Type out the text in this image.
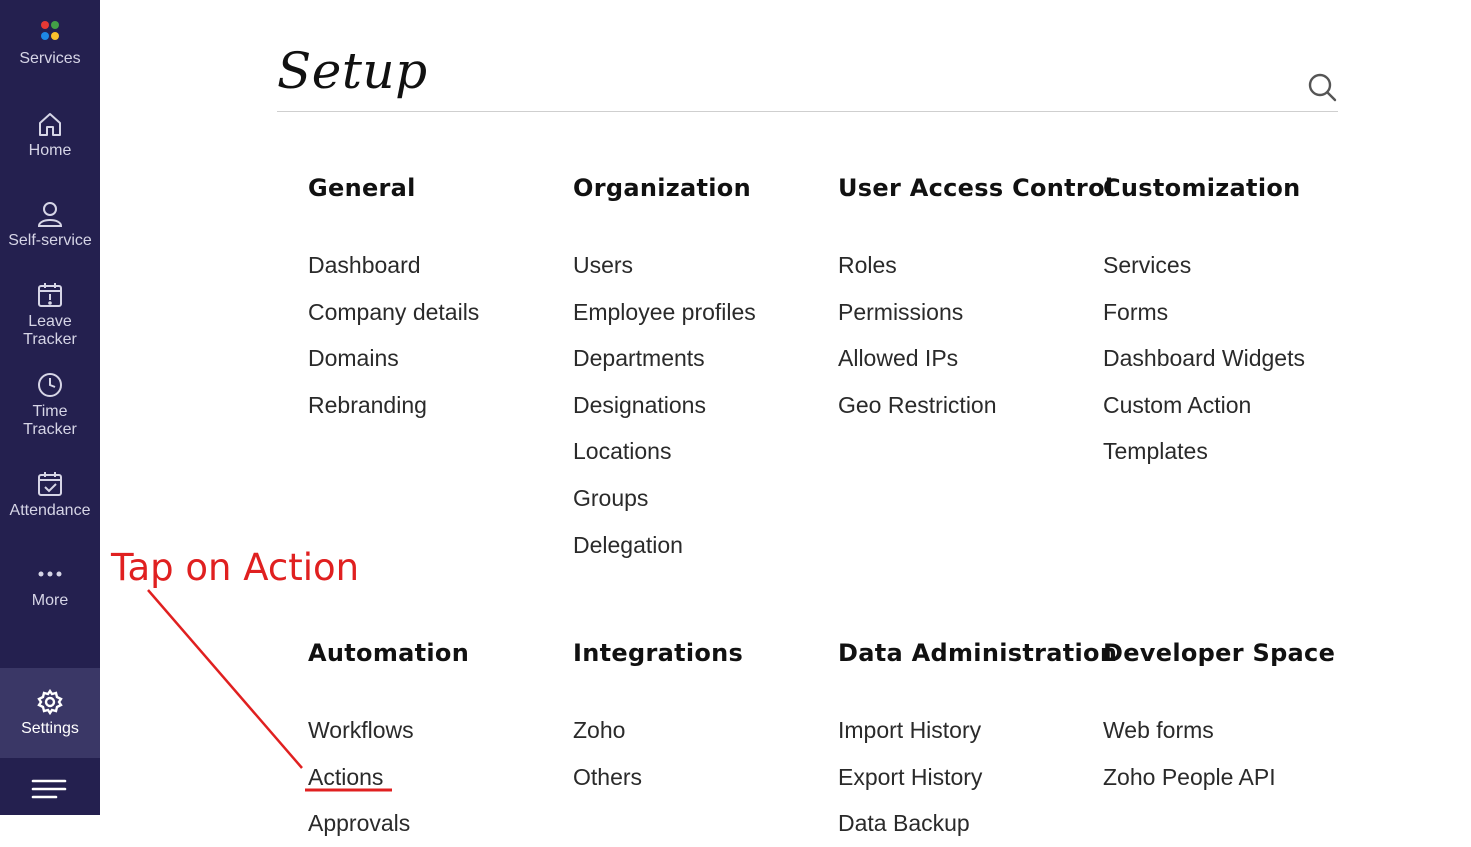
Services
Home
Self-service
Leave
Tracker
Time
Tracker
Attendance
More
Settings
Setup
General
Dashboard
Company details
Domains
Rebranding
Organization
Users
Employee profiles
Departments
Designations
Locations
Groups
Delegation
User Access Control
Roles
Permissions
Allowed IPs
Geo Restriction
Customization
Services
Forms
Dashboard Widgets
Custom Action
Templates
Automation
Workflows
Actions
Approvals
Integrations
Zoho
Others
Data Administration
Import History
Export History
Data Backup
Developer Space
Web forms
Zoho People API
Tap on Action
